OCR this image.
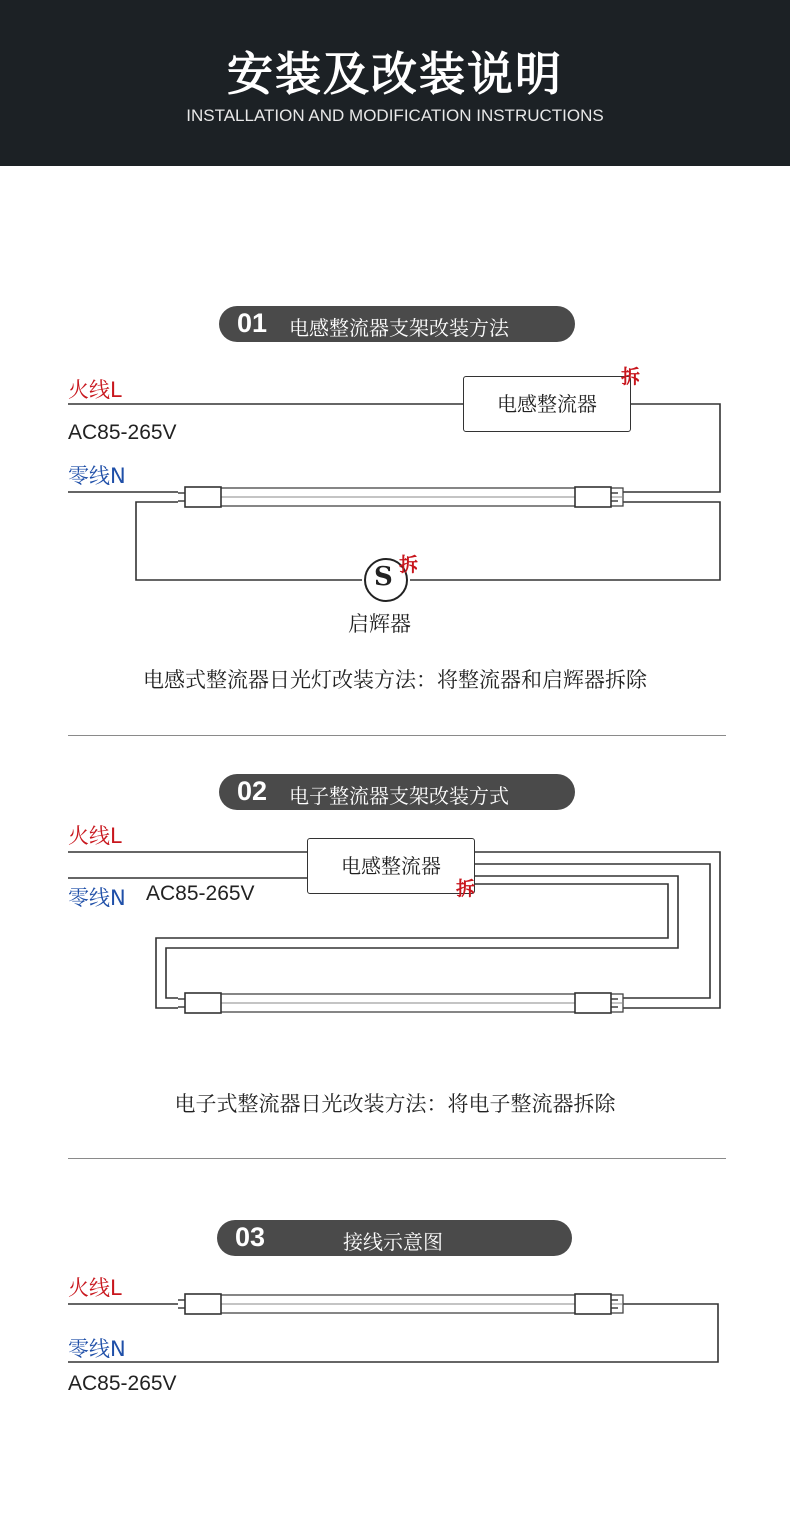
安装及改装说明
INSTALLATION AND MODIFICATION INSTRUCTIONS
01 电感整流器支架改装方法
火线L
AC85-265V
零线N
电感整流器
拆
S 拆
启辉器
电感式整流器日光灯改装方法：将整流器和启辉器拆除
02 电子整流器支架改装方式
火线L
零线N AC85-265V
电感整流器
拆
电子式整流器日光改装方法：将电子整流器拆除
03	接线示意图
火线L
零线N
AC85-265V
